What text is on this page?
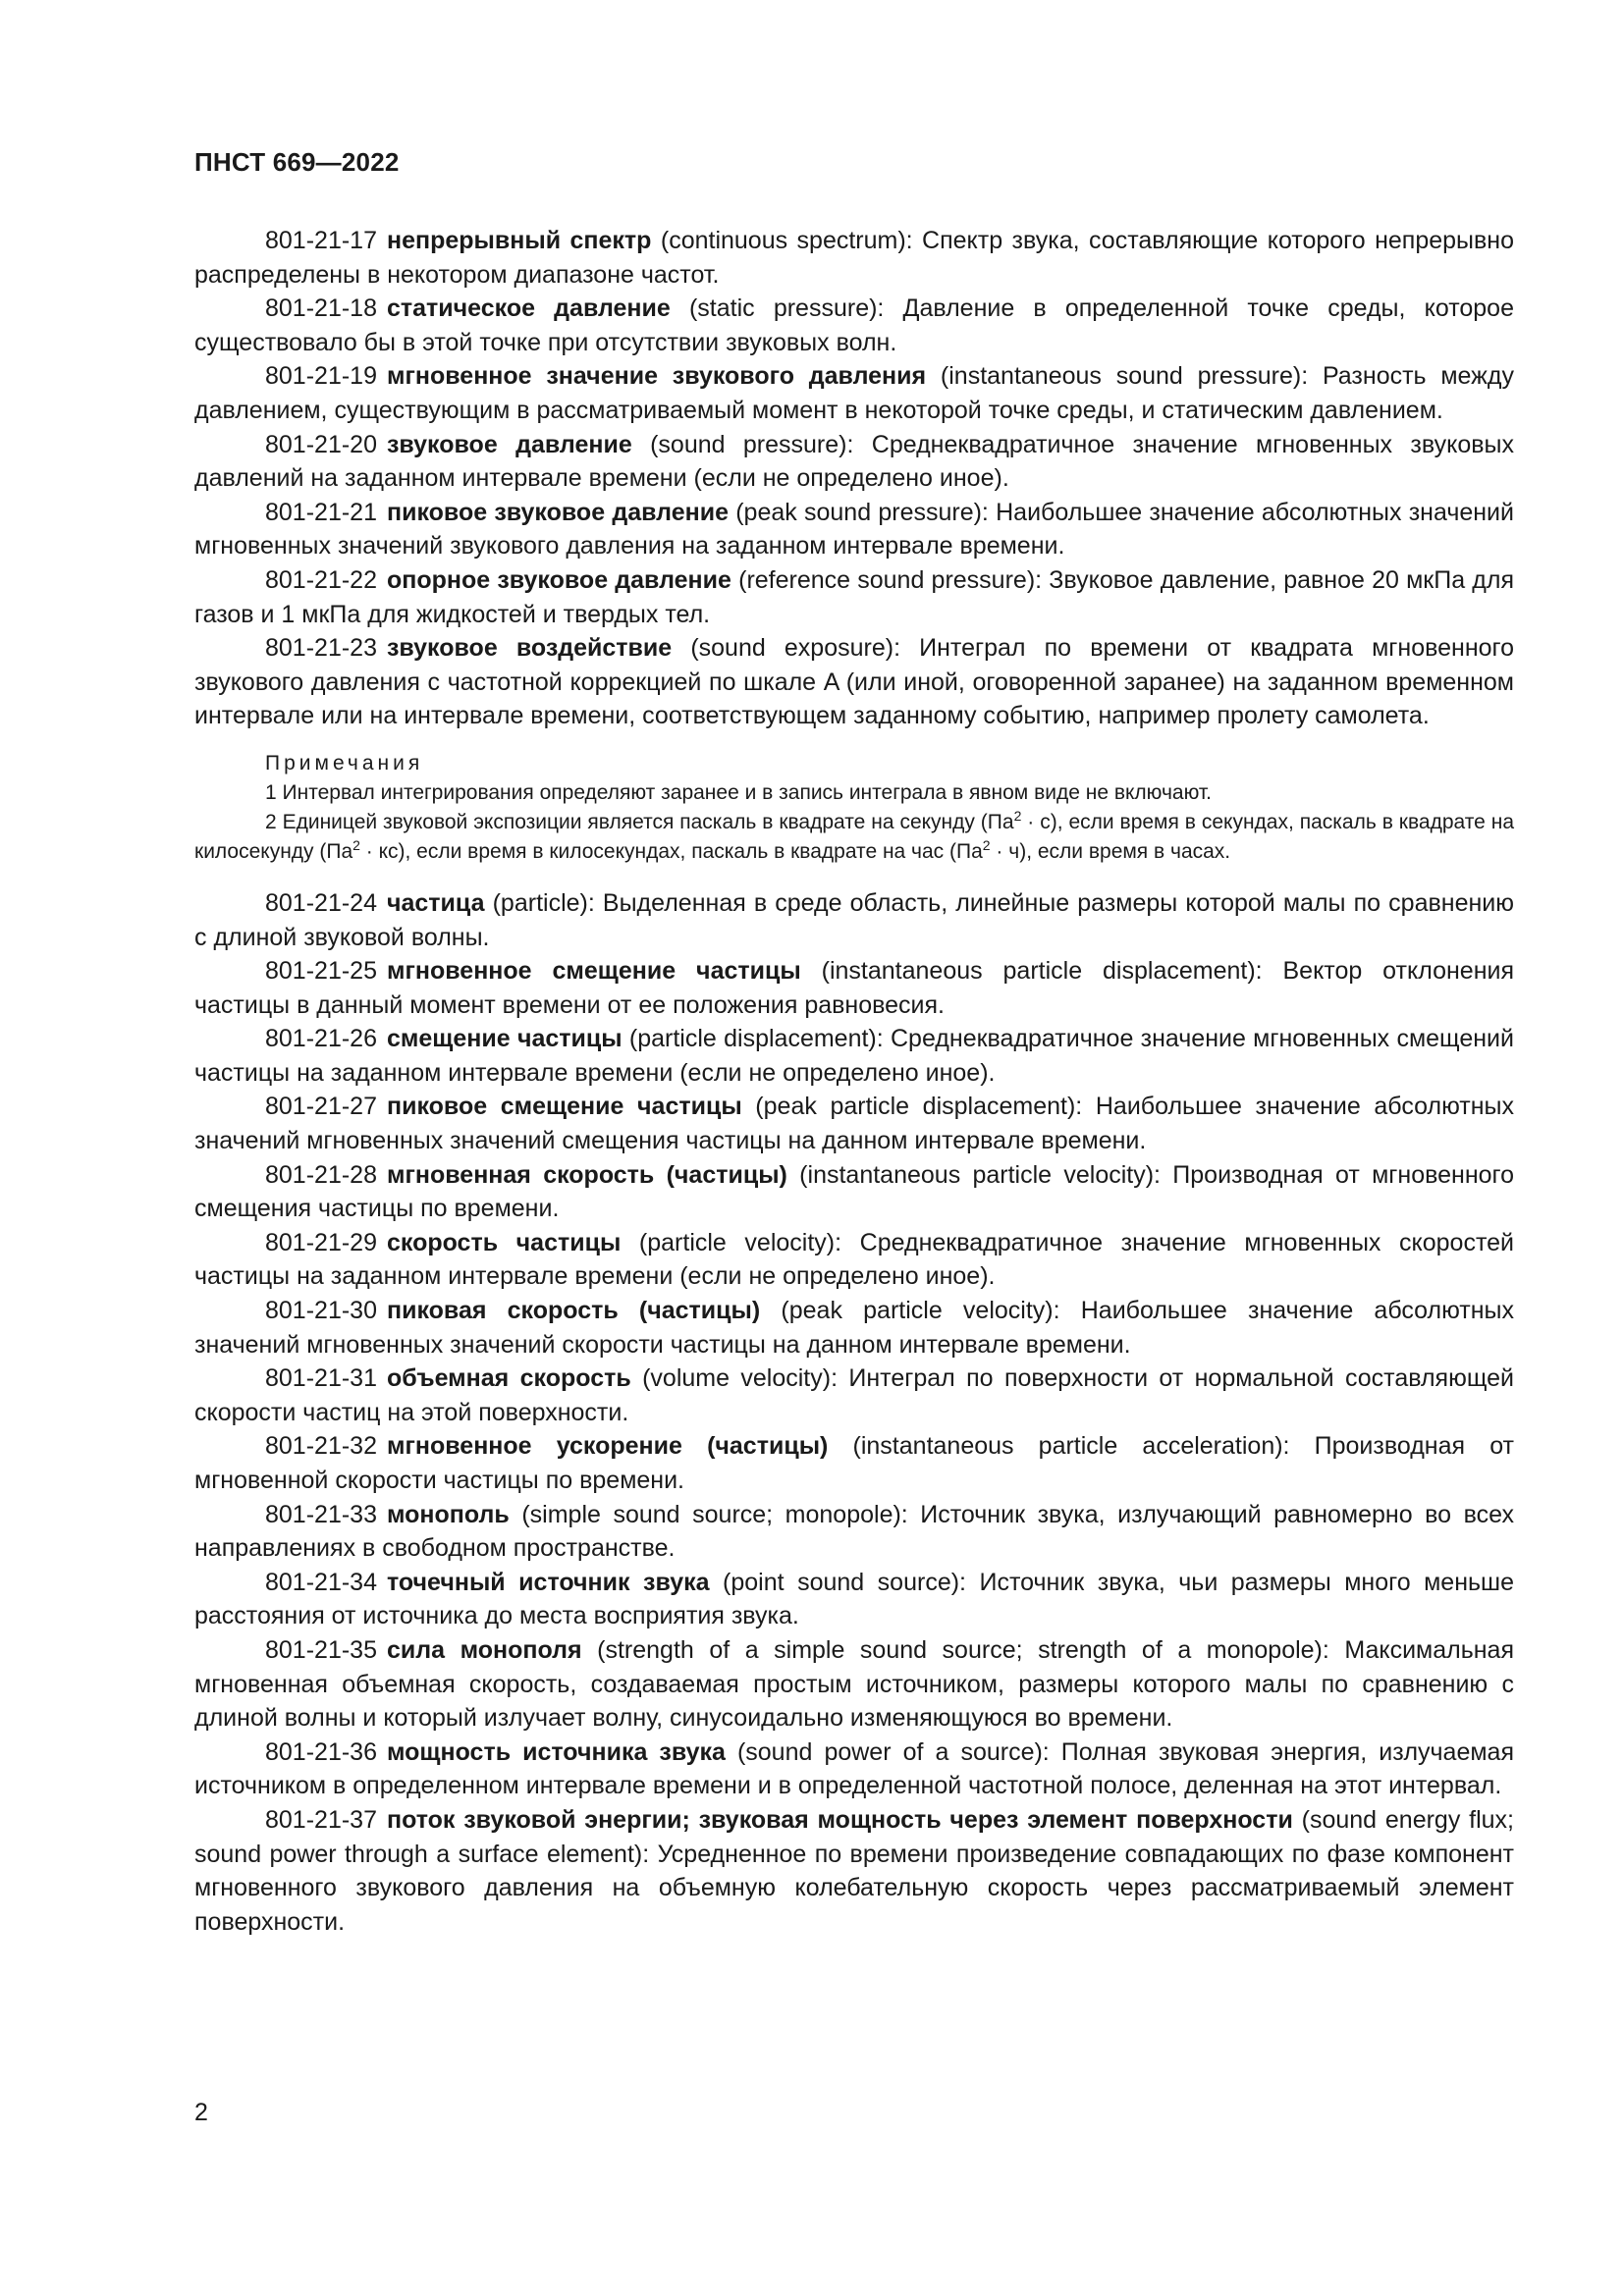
ПНСТ 669—2022

801-21-17 непрерывный спектр (continuous spectrum): Спектр звука, составляющие которого непрерывно распределены в некотором диапазоне частот.

801-21-18 статическое давление (static pressure): Давление в определенной точке среды, которое существовало бы в этой точке при отсутствии звуковых волн.

801-21-19 мгновенное значение звукового давления (instantaneous sound pressure): Разность между давлением, существующим в рассматриваемый момент в некоторой точке среды, и статическим давлением.

801-21-20 звуковое давление (sound pressure): Среднеквадратичное значение мгновенных звуковых давлений на заданном интервале времени (если не определено иное).

801-21-21 пиковое звуковое давление (peak sound pressure): Наибольшее значение абсолютных значений мгновенных значений звукового давления на заданном интервале времени.

801-21-22 опорное звуковое давление (reference sound pressure): Звуковое давление, равное 20 мкПа для газов и 1 мкПа для жидкостей и твердых тел.

801-21-23 звуковое воздействие (sound exposure): Интеграл по времени от квадрата мгновенного звукового давления с частотной коррекцией по шкале A (или иной, оговоренной заранее) на заданном временном интервале или на интервале времени, соответствующем заданному событию, например пролету самолета.

Примечания

1 Интервал интегрирования определяют заранее и в запись интеграла в явном виде не включают.

2 Единицей звуковой экспозиции является паскаль в квадрате на секунду $(Па^2 \cdot с)$, если время в секундах, паскаль в квадрате на килосекунду $(Па^2 \cdot кс)$, если время в килосекундах, паскаль в квадрате на час $(Па^2 \cdot ч)$, если время в часах.

801-21-24 частица (particle): Выделенная в среде область, линейные размеры которой малы по сравнению с длиной звуковой волны.

801-21-25 мгновенное смещение частицы (instantaneous particle displacement): Вектор отклонения частицы в данный момент времени от ее положения равновесия.

801-21-26 смещение частицы (particle displacement): Среднеквадратичное значение мгновенных смещений частицы на заданном интервале времени (если не определено иное).

801-21-27 пиковое смещение частицы (peak particle displacement): Наибольшее значение абсолютных значений мгновенных значений смещения частицы на данном интервале времени.

801-21-28 мгновенная скорость (частицы) (instantaneous particle velocity): Производная от мгновенного смещения частицы по времени.

801-21-29 скорость частицы (particle velocity): Среднеквадратичное значение мгновенных скоростей частицы на заданном интервале времени (если не определено иное).

801-21-30 пиковая скорость (частицы) (peak particle velocity): Наибольшее значение абсолютных значений мгновенных значений скорости частицы на данном интервале времени.

801-21-31 объемная скорость (volume velocity): Интеграл по поверхности от нормальной составляющей скорости частиц на этой поверхности.

801-21-32 мгновенное ускорение (частицы) (instantaneous particle acceleration): Производная от мгновенной скорости частицы по времени.

801-21-33 монополь (simple sound source; monopole): Источник звука, излучающий равномерно во всех направлениях в свободном пространстве.

801-21-34 точечный источник звука (point sound source): Источник звука, чьи размеры много меньше расстояния от источника до места восприятия звука.

801-21-35 сила монополя (strength of a simple sound source; strength of a monopole): Максимальная мгновенная объемная скорость, создаваемая простым источником, размеры которого малы по сравнению с длиной волны и который излучает волну, синусоидально изменяющуюся во времени.

801-21-36 мощность источника звука (sound power of a source): Полная звуковая энергия, излучаемая источником в определенном интервале времени и в определенной частотной полосе, деленная на этот интервал.

801-21-37 поток звуковой энергии; звуковая мощность через элемент поверхности (sound energy flux; sound power through a surface element): Усредненное по времени произведение совпадающих по фазе компонент мгновенного звукового давления на объемную колебательную скорость через рассматриваемый элемент поверхности.

2
